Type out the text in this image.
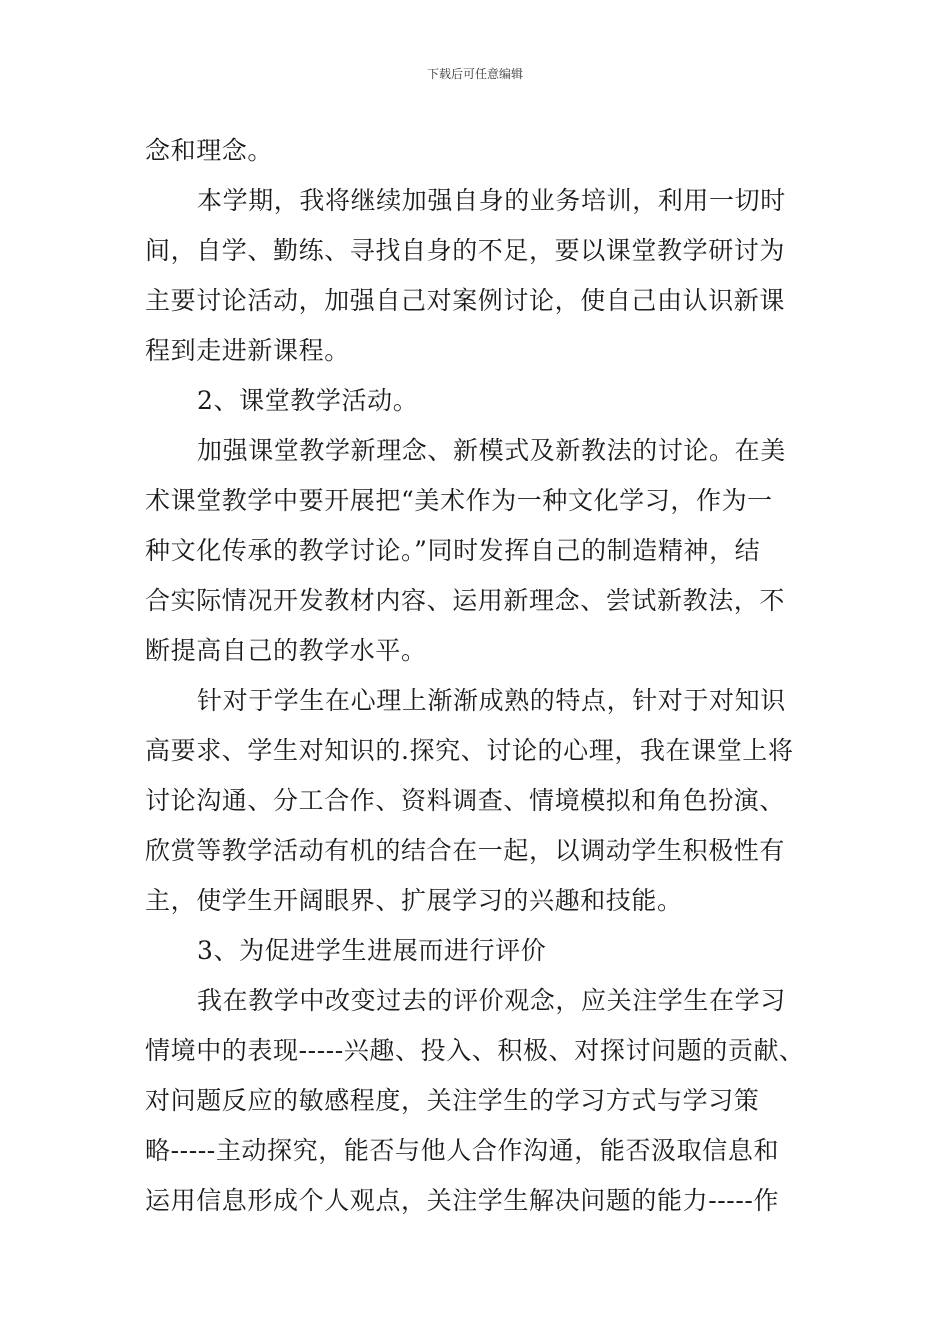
下载后可任意编辑

念和理念。

本学期，我将继续加强自身的业务培训，利用一切时
间，自学、勤练、寻找自身的不足，要以课堂教学研讨为
主要讨论活动，加强自己对案例讨论，使自己由认识新课
程到走进新课程。

2、课堂教学活动。

加强课堂教学新理念、新模式及新教法的讨论。在美
术课堂教学中要开展把“美术作为一种文化学习，作为一
种文化传承的教学讨论。”同时发挥自己的制造精神，结
合实际情况开发教材内容、运用新理念、尝试新教法，不
断提高自己的教学水平。

针对于学生在心理上渐渐成熟的特点，针对于对知识
高要求、学生对知识的.探究、讨论的心理，我在课堂上将
讨论沟通、分工合作、资料调查、情境模拟和角色扮演、
欣赏等教学活动有机的结合在一起，以调动学生积极性有
主，使学生开阔眼界、扩展学习的兴趣和技能。

3、为促进学生进展而进行评价

我在教学中改变过去的评价观念，应关注学生在学习
情境中的表现-----兴趣、投入、积极、对探讨问题的贡献、
对问题反应的敏感程度，关注学生的学习方式与学习策
略-----主动探究，能否与他人合作沟通，能否汲取信息和
运用信息形成个人观点，关注学生解决问题的能力-----作
